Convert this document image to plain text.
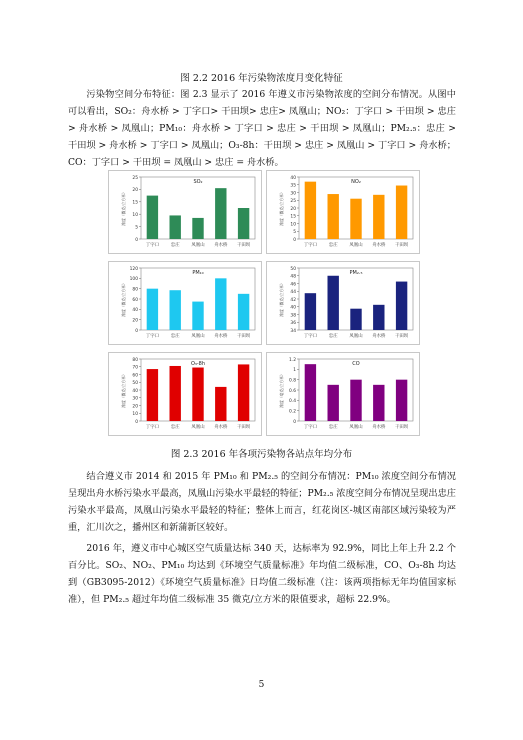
图 2.2 2016 年污染物浓度月变化特征

污染物空间分布特征：图 2.3 显示了 2016 年遵义市污染物浓度的空间分布情况。从图中可以看出，SO₂：舟水桥 > 丁字口> 干田坝> 忠庄> 凤凰山；NO₂：丁字口 > 干田坝 > 忠庄 > 舟水桥 > 凤凰山；PM₁₀：舟水桥 > 丁字口 > 忠庄 > 干田坝 > 凤凰山；PM₂.₅：忠庄 > 干田坝 > 舟水桥 > 丁字口 > 凤凰山；O₃-8h：干田坝 > 忠庄 > 凤凰山 > 丁字口 > 舟水桥；CO：丁字口 > 干田坝 = 凤凰山 > 忠庄 = 舟水桥。

0
5
10
15
20
25
浓度（微克/立方米）
SO₂
丁字口	忠庄	凤凰山 舟水桥 干田坝
0
5
10
15
20
25
30
35
40
浓度（微克/立方米）
NO₂
丁字口	忠庄	凤凰山 舟水桥 干田坝
0
20
40
60
80
100
120
浓度（微克/立方米）
PM₁₀
丁字口	忠庄	凤凰山 舟水桥 干田坝
34
36
38
40
42
44
46
48
50
浓度（微克/立方米）
PM₂.₅
丁字口	忠庄	凤凰山 舟水桥 干田坝
0
10
20
30
40
50
60
70
80
浓度（微克/立方米）
O₃-8h
丁字口	忠庄	凤凰山 舟水桥 干田坝
0
0.2
0.4
0.6
0.8
1
1.2
浓度（毫克/立方米）
CO
丁字口	忠庄	凤凰山 舟水桥 干田坝
图 2.3 2016 年各项污染物各站点年均分布

结合遵义市 2014 和 2015 年 PM₁₀ 和 PM₂.₅ 的空间分布情况：PM₁₀ 浓度空间分布情况呈现出舟水桥污染水平最高，凤凰山污染水平最轻的特征；PM₂.₅ 浓度空间分布情况呈现出忠庄污染水平最高，凤凰山污染水平最轻的特征；整体上而言，红花岗区-城区南部区域污染较为严重，汇川次之，播州区和新蒲新区较好。

2016 年，遵义市中心城区空气质量达标 340 天，达标率为 92.9%，同比上年上升 2.2 个百分比。SO₂、NO₂、PM₁₀ 均达到《环境空气质量标准》年均值二级标准，CO、O₃-8h 均达到（GB3095-2012）《环境空气质量标准》日均值二级标准（注：该两项指标无年均值国家标准），但 PM₂.₅ 超过年均值二级标准 35 微克/立方米的限值要求，超标 22.9%。

5
